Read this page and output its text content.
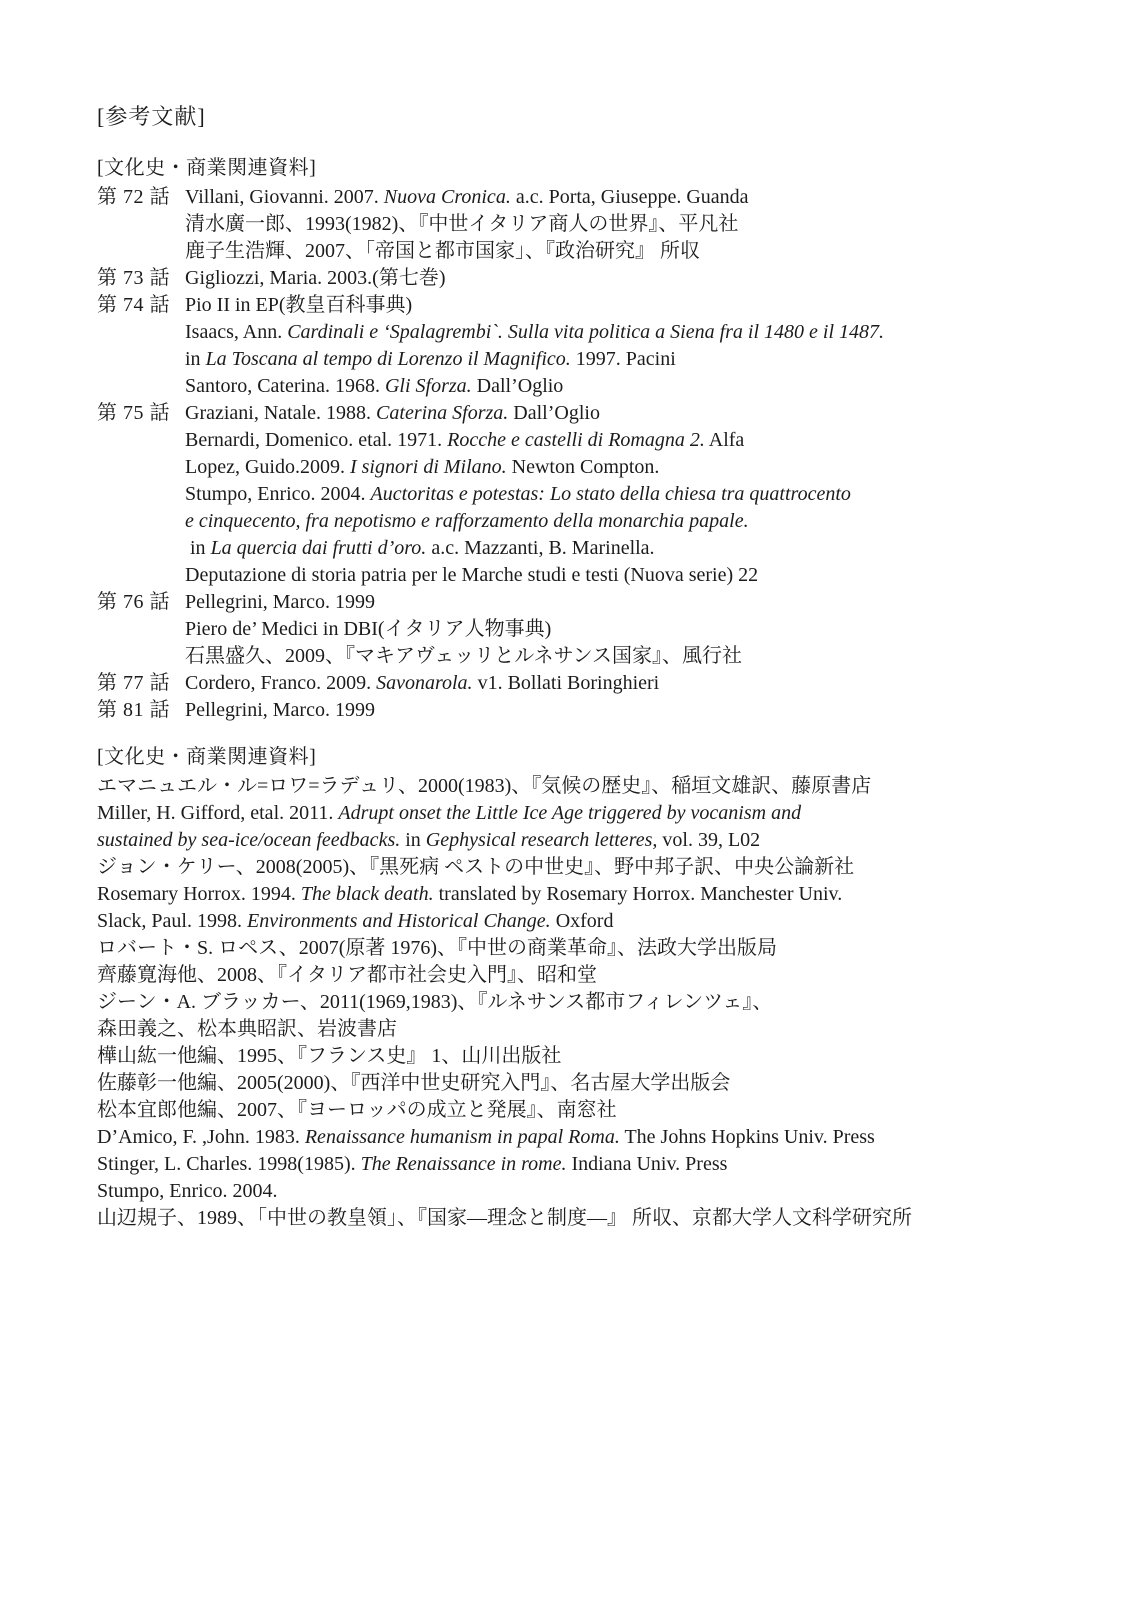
[参考文献]
[文化史・商業関連資料]
第 72 話 Villani, Giovanni. 2007. Nuova Cronica. a.c. Porta, Giuseppe. Guanda
清水廣一郎、1993(1982)、『中世イタリア商人の世界』、平凡社
鹿子生浩輝、2007、「帝国と都市国家」、『政治研究』 所収
第 73 話 Gigliozzi, Maria. 2003.(第七巻)
第 74 話 Pio II in EP(教皇百科事典)
Isaacs, Ann. Cardinali e ‘Spalagrembi`. Sulla vita politica a Siena fra il 1480 e il 1487.
in La Toscana al tempo di Lorenzo il Magnifico. 1997. Pacini
Santoro, Caterina. 1968. Gli Sforza. Dall’Oglio
第 75 話 Graziani, Natale. 1988. Caterina Sforza. Dall’Oglio
Bernardi, Domenico. etal. 1971. Rocche e castelli di Romagna 2. Alfa
Lopez, Guido.2009. I signori di Milano. Newton Compton.
Stumpo, Enrico. 2004. Auctoritas e potestas: Lo stato della chiesa tra quattrocento
e cinquecento, fra nepotismo e rafforzamento della monarchia papale.
in La quercia dai frutti d’oro. a.c. Mazzanti, B. Marinella.
Deputazione di storia patria per le Marche studi e testi (Nuova serie) 22
第 76 話 Pellegrini, Marco. 1999
Piero de’ Medici in DBI(イタリア人物事典)
石黒盛久、2009、『マキアヴェッリとルネサンス国家』、風行社
第 77 話 Cordero, Franco. 2009. Savonarola. v1. Bollati Boringhieri
第 81 話 Pellegrini, Marco. 1999
[文化史・商業関連資料]
エマニュエル・ル=ロワ=ラデュリ、2000(1983)、『気候の歴史』、稲垣文雄訳、藤原書店
Miller, H. Gifford, etal. 2011. Adrupt onset the Little Ice Age triggered by vocanism and
sustained by sea-ice/ocean feedbacks. in Gephysical research letteres, vol. 39, L02
ジョン・ケリー、2008(2005)、『黒死病 ペストの中世史』、野中邦子訳、中央公論新社
Rosemary Horrox. 1994. The black death. translated by Rosemary Horrox. Manchester Univ.
Slack, Paul. 1998. Environments and Historical Change. Oxford
ロバート・S. ロペス、2007(原著 1976)、『中世の商業革命』、法政大学出版局
齊藤寛海他、2008、『イタリア都市社会史入門』、昭和堂
ジーン・A. ブラッカー、2011(1969,1983)、『ルネサンス都市フィレンツェ』、
森田義之、松本典昭訳、岩波書店
樺山紘一他編、1995、『フランス史』 1、山川出版社
佐藤彰一他編、2005(2000)、『西洋中世史研究入門』、名古屋大学出版会
松本宜郎他編、2007、『ヨーロッパの成立と発展』、南窓社
D’Amico, F. ,John. 1983. Renaissance humanism in papal Roma. The Johns Hopkins Univ. Press
Stinger, L. Charles. 1998(1985). The Renaissance in rome. Indiana Univ. Press
Stumpo, Enrico. 2004.
山辺規子、1989、「中世の教皇領」、『国家―理念と制度―』 所収、京都大学人文科学研究所
